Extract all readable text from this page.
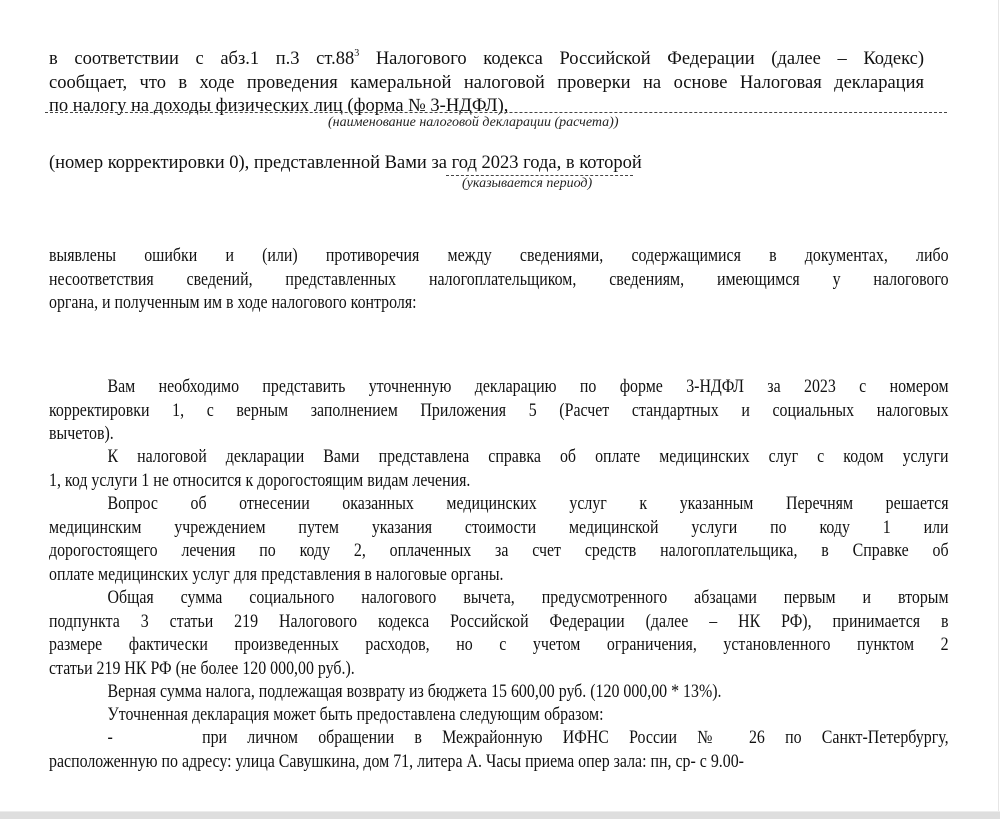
в соответствии с абз.1 п.3 $ст.88^3$ Налогового кодекса Российской Федерации (далее – Кодекс)
сообщает, что в ходе проведения камеральной налоговой проверки на основе Налоговая декларация
по налогу на доходы физических лиц (форма № 3-НДФЛ),
(наименование налоговой декларации (расчета))
(номер корректировки 0), представленной Вами за год 2023 года, в которой
(указывается период)
выявлены ошибки и (или) противоречия между сведениями, содержащимися в документах, либо
несоответствия сведений, представленных налогоплательщиком, сведениям, имеющимся у налогового
органа, и полученным им в ходе налогового контроля:
Вам необходимо представить уточненную декларацию по форме 3-НДФЛ за 2023 с номером
корректировки 1, с верным заполнением Приложения 5 (Расчет стандартных и социальных налоговых
вычетов).
К налоговой декларации Вами представлена справка об оплате медицинских слуг с кодом услуги
1, код услуги 1 не относится к дорогостоящим видам лечения.
Вопрос об отнесении оказанных медицинских услуг к указанным Перечням решается
медицинским учреждением путем указания стоимости медицинской услуги по коду 1 или
дорогостоящего лечения по коду 2, оплаченных за счет средств налогоплательщика, в Справке об
оплате медицинских услуг для представления в налоговые органы.
Общая сумма социального налогового вычета, предусмотренного абзацами первым и вторым
подпункта 3 статьи 219 Налогового кодекса Российской Федерации (далее – НК РФ), принимается в
размере фактически произведенных расходов, но с учетом ограничения, установленного пунктом 2
статьи 219 НК РФ (не более 120 000,00 руб.).
Верная сумма налога, подлежащая возврату из бюджета 15 600,00 руб. (120 000,00 * 13%).
Уточненная декларация может быть предоставлена следующим образом:
-	при личном обращении в Межрайонную ИФНС России № 26 по Санкт-Петербургу,
расположенную по адресу: улица Савушкина, дом 71, литера А. Часы приема опер зала: пн, ср- с 9.00-
